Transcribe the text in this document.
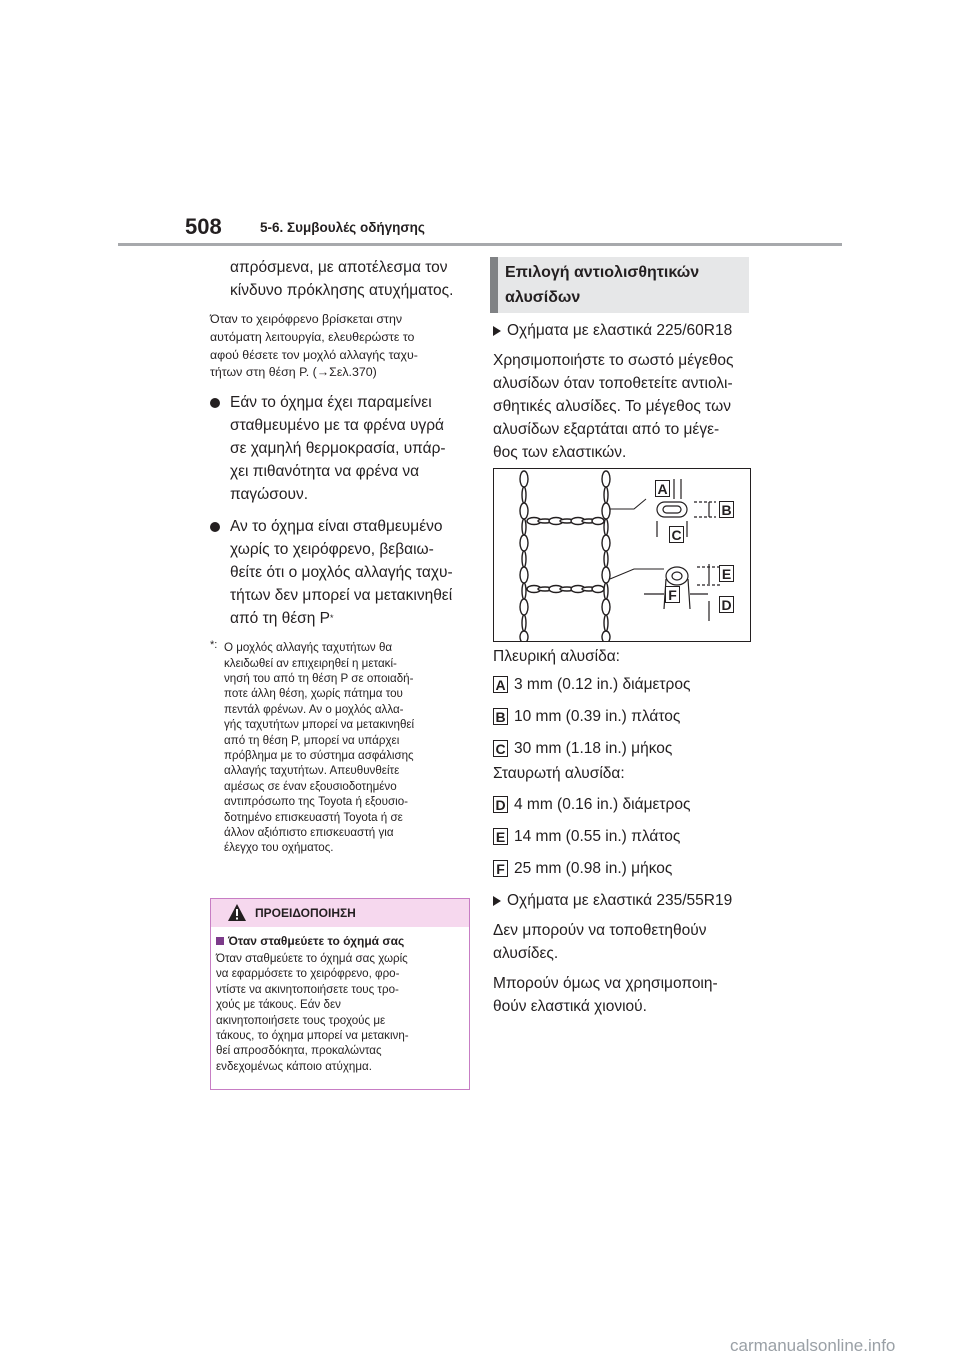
508	5-6. Συμβουλές οδήγησης
απρόσμενα, με αποτέλεσμα τον
κίνδυνο πρόκλησης ατυχήματος.
Όταν το χειρόφρενο βρίσκεται στην
αυτόματη λειτουργία, ελευθερώστε το
αφού θέσετε τον μοχλό αλλαγής ταχυ-
τήτων στη θέση P. (→Σελ.370)
Εάν το όχημα έχει παραμείνει
σταθμευμένο με τα φρένα υγρά
σε χαμηλή θερμοκρασία, υπάρ-
χει πιθανότητα να φρένα να
παγώσουν.
Αν το όχημα είναι σταθμευμένο
χωρίς το χειρόφρενο, βεβαιω-
θείτε ότι ο μοχλός αλλαγής ταχυ-
τήτων δεν μπορεί να μετακινηθεί
από τη θέση P*
*: Ο μοχλός αλλαγής ταχυτήτων θα
κλειδωθεί αν επιχειρηθεί η μετακί-
νησή του από τη θέση P σε οποιαδή-
ποτε άλλη θέση, χωρίς πάτημα του
πεντάλ φρένων. Αν ο μοχλός αλλα-
γής ταχυτήτων μπορεί να μετακινηθεί
από τη θέση P, μπορεί να υπάρχει
πρόβλημα με το σύστημα ασφάλισης
αλλαγής ταχυτήτων. Απευθυνθείτε
αμέσως σε έναν εξουσιοδοτημένο
αντιπρόσωπο της Toyota ή εξουσιο-
δοτημένο επισκευαστή Toyota ή σε
άλλον αξιόπιστο επισκευαστή για
έλεγχο του οχήματος.
ΠΡΟΕΙΔΟΠΟΙΗΣΗ
Όταν σταθμεύετε το όχημά σας
Όταν σταθμεύετε το όχημά σας χωρίς
να εφαρμόσετε το χειρόφρενο, φρο-
ντίστε να ακινητοποιήσετε τους τρο-
χούς με τάκους. Εάν δεν
ακινητοποιήσετε τους τροχούς με
τάκους, το όχημα μπορεί να μετακινη-
θεί απροσδόκητα, προκαλώντας
ενδεχομένως κάποιο ατύχημα.
Επιλογή αντιολισθητικών
αλυσίδων
Οχήματα με ελαστικά 225/60R18
Χρησιμοποιήστε το σωστό μέγεθος
αλυσίδων όταν τοποθετείτε αντιολι-
σθητικές αλυσίδες. Το μέγεθος των
αλυσίδων εξαρτάται από το μέγε-
θος των ελαστικών.
A
B
C
E
F
D
Πλευρική αλυσίδα:
A 3 mm (0.12 in.) διάμετρος
B 10 mm (0.39 in.) πλάτος
C 30 mm (1.18 in.) μήκος
Σταυρωτή αλυσίδα:
D 4 mm (0.16 in.) διάμετρος
E 14 mm (0.55 in.) πλάτος
F 25 mm (0.98 in.) μήκος
Οχήματα με ελαστικά 235/55R19
Δεν μπορούν να τοποθετηθούν
αλυσίδες.
Μπορούν όμως να χρησιμοποιη-
θούν ελαστικά χιονιού.
carmanualsonline.info
